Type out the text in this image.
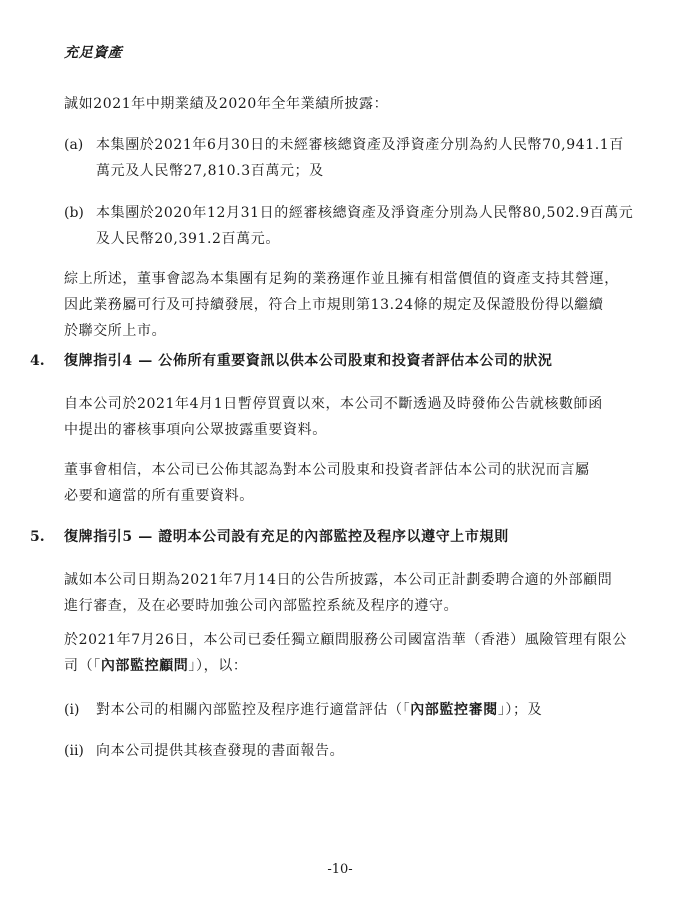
充足資產
誠如2021年中期業績及2020年全年業績所披露：
(a) 本集團於2021年6月30日的未經審核總資產及淨資產分別為約人民幣70,941.1百
萬元及人民幣27,810.3百萬元；及
(b) 本集團於2020年12月31日的經審核總資產及淨資產分別為人民幣80,502.9百萬元
及人民幣20,391.2百萬元。
綜上所述，董事會認為本集團有足夠的業務運作並且擁有相當價值的資產支持其營運，
因此業務屬可行及可持續發展，符合上市規則第13.24條的規定及保證股份得以繼續
於聯交所上市。
4. 復牌指引4 — 公佈所有重要資訊以供本公司股東和投資者評估本公司的狀況
自本公司於2021年4月1日暫停買賣以來，本公司不斷透過及時發佈公告就核數師函
中提出的審核事項向公眾披露重要資料。
董事會相信，本公司已公佈其認為對本公司股東和投資者評估本公司的狀況而言屬
必要和適當的所有重要資料。
5. 復牌指引5 — 證明本公司設有充足的內部監控及程序以遵守上市規則
誠如本公司日期為2021年7月14日的公告所披露，本公司正計劃委聘合適的外部顧問
進行審查，及在必要時加強公司內部監控系統及程序的遵守。
於2021年7月26日，本公司已委任獨立顧問服務公司國富浩華（香港）風險管理有限公
司（「內部監控顧問」），以：
(i) 對本公司的相關內部監控及程序進行適當評估（「內部監控審閱」）；及
(ii) 向本公司提供其核查發現的書面報告。
-10-
